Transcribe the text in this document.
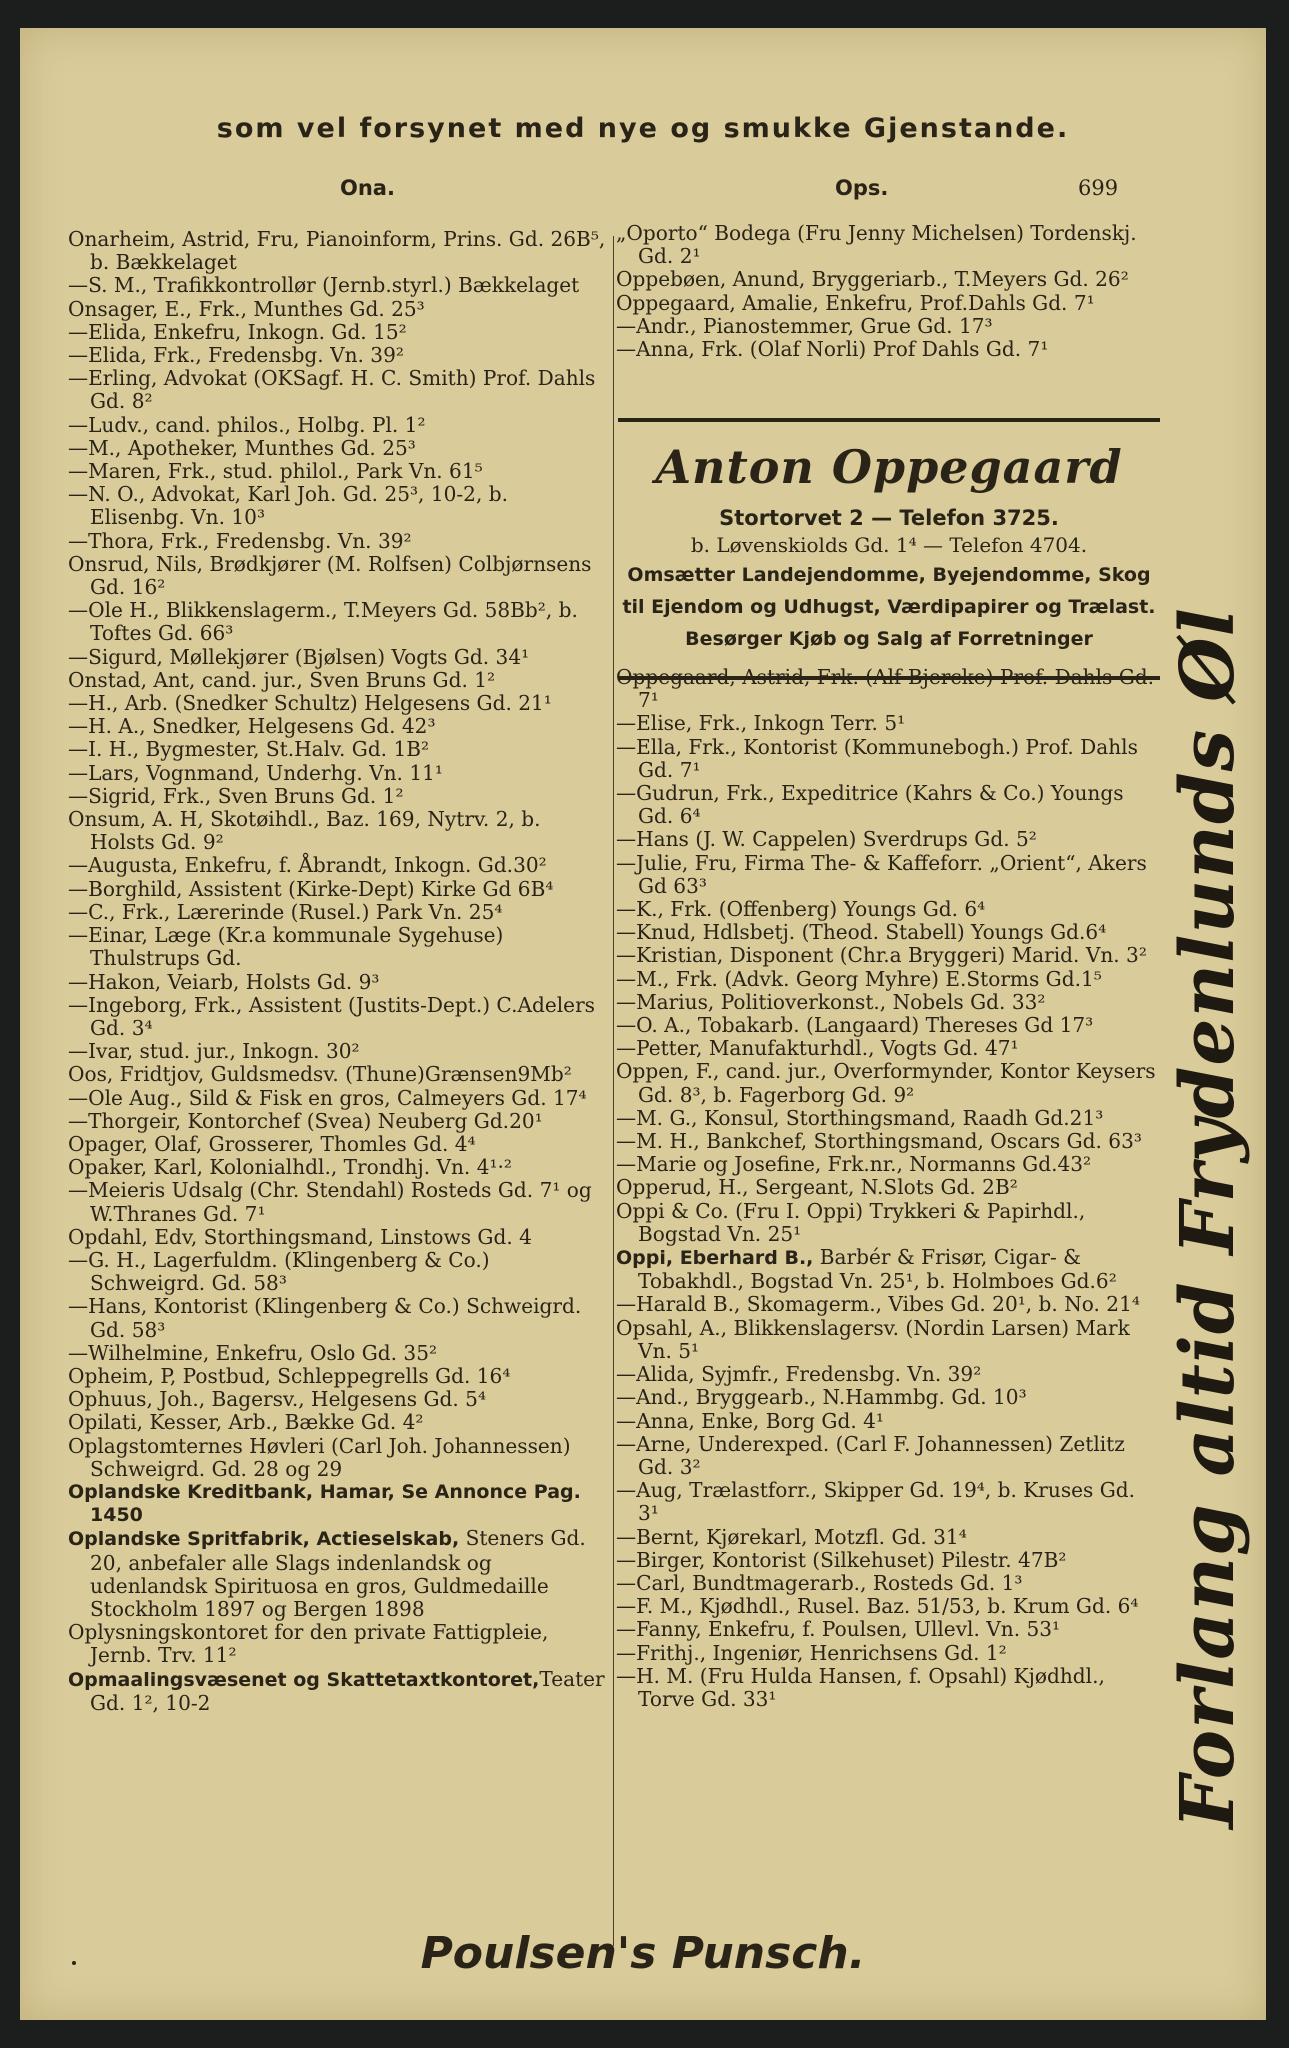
som vel forsynet med nye og smukke Gjenstande.
Ona.	Ops.	699
Onarheim, Astrid, Fru, Pianoinform, Prins. Gd. 26B⁵, b. Bækkelaget
—S. M., Trafikkontrollør (Jernb.styrl.) Bækkelaget
Onsager, E., Frk., Munthes Gd. 25³
—Elida, Enkefru, Inkogn. Gd. 15²
—Elida, Frk., Fredensbg. Vn. 39²
—Erling, Advokat (OKSagf. H. C. Smith) Prof. Dahls Gd. 8²
—Ludv., cand. philos., Holbg. Pl. 1²
—M., Apotheker, Munthes Gd. 25³
—Maren, Frk., stud. philol., Park Vn. 61⁵
—N. O., Advokat, Karl Joh. Gd. 25³, 10-2, b. Elisenbg. Vn. 10³
—Thora, Frk., Fredensbg. Vn. 39²
Onsrud, Nils, Brødkjører (M. Rolfsen) Colbjørnsens Gd. 16²
—Ole H., Blikkenslagerm., T.Meyers Gd. 58Bb², b. Toftes Gd. 66³
—Sigurd, Møllekjører (Bjølsen) Vogts Gd. 34¹
Onstad, Ant, cand. jur., Sven Bruns Gd. 1²
—H., Arb. (Snedker Schultz) Helgesens Gd. 21¹
—H. A., Snedker, Helgesens Gd. 42³
—I. H., Bygmester, St.Halv. Gd. 1B²
—Lars, Vognmand, Underhg. Vn. 11¹
—Sigrid, Frk., Sven Bruns Gd. 1²
Onsum, A. H, Skotøihdl., Baz. 169, Nytrv. 2, b. Holsts Gd. 9²
—Augusta, Enkefru, f. Åbrandt, Inkogn. Gd.30²
—Borghild, Assistent (Kirke-Dept) Kirke Gd 6B⁴
—C., Frk., Lærerinde (Rusel.) Park Vn. 25⁴
—Einar, Læge (Kr.a kommunale Sygehuse) Thulstrups Gd.
—Hakon, Veiarb, Holsts Gd. 9³
—Ingeborg, Frk., Assistent (Justits-Dept.) C.Adelers Gd. 3⁴
—Ivar, stud. jur., Inkogn. 30²
Oos, Fridtjov, Guldsmedsv. (Thune)Grænsen9Mb²
—Ole Aug., Sild & Fisk en gros, Calmeyers Gd. 17⁴
—Thorgeir, Kontorchef (Svea) Neuberg Gd.20¹
Opager, Olaf, Grosserer, Thomles Gd. 4⁴
Opaker, Karl, Kolonialhdl., Trondhj. Vn. 4¹·²
—Meieris Udsalg (Chr. Stendahl) Rosteds Gd. 7¹ og W.Thranes Gd. 7¹
Opdahl, Edv, Storthingsmand, Linstows Gd. 4
—G. H., Lagerfuldm. (Klingenberg & Co.) Schweigrd. Gd. 58³
—Hans, Kontorist (Klingenberg & Co.) Schweigrd. Gd. 58³
—Wilhelmine, Enkefru, Oslo Gd. 35²
Opheim, P, Postbud, Schleppegrells Gd. 16⁴
Ophuus, Joh., Bagersv., Helgesens Gd. 5⁴
Opilati, Kesser, Arb., Bække Gd. 4²
Oplagstomternes Høvleri (Carl Joh. Johannessen) Schweigrd. Gd. 28 og 29
Oplandske Kreditbank, Hamar, Se Annonce Pag. 1450
Oplandske Spritfabrik, Actieselskab, Steners Gd. 20, anbefaler alle Slags indenlandsk og udenlandsk Spirituosa en gros, Guldmedaille Stockholm 1897 og Bergen 1898
Oplysningskontoret for den private Fattigpleie, Jernb. Trv. 11²
Opmaalingsvæsenet og Skattetaxtkontoret,Teater Gd. 1², 10-2
„Oporto“ Bodega (Fru Jenny Michelsen) Tordenskj. Gd. 2¹
Oppebøen, Anund, Bryggeriarb., T.Meyers Gd. 26²
Oppegaard, Amalie, Enkefru, Prof.Dahls Gd. 7¹
—Andr., Pianostemmer, Grue Gd. 17³
—Anna, Frk. (Olaf Norli) Prof Dahls Gd. 7¹
Anton Oppegaard
Stortorvet 2 — Telefon 3725.
b. Løvenskiolds Gd. 1⁴ — Telefon 4704.
Omsætter Landejendomme, Byejendomme, Skog
til Ejendom og Udhugst, Værdipapirer og Trælast.
Besørger Kjøb og Salg af Forretninger
Oppegaard, Astrid, Frk. (Alf Bjercke) Prof. Dahls Gd. 7¹
—Elise, Frk., Inkogn Terr. 5¹
—Ella, Frk., Kontorist (Kommunebogh.) Prof. Dahls Gd. 7¹
—Gudrun, Frk., Expeditrice (Kahrs & Co.) Youngs Gd. 6⁴
—Hans (J. W. Cappelen) Sverdrups Gd. 5²
—Julie, Fru, Firma The- & Kaffeforr. „Orient“, Akers Gd 63³
—K., Frk. (Offenberg) Youngs Gd. 6⁴
—Knud, Hdlsbetj. (Theod. Stabell) Youngs Gd.6⁴
—Kristian, Disponent (Chr.a Bryggeri) Marid. Vn. 3²
—M., Frk. (Advk. Georg Myhre) E.Storms Gd.1⁵
—Marius, Politioverkonst., Nobels Gd. 33²
—O. A., Tobakarb. (Langaard) Thereses Gd 17³
—Petter, Manufakturhdl., Vogts Gd. 47¹
Oppen, F., cand. jur., Overformynder, Kontor Keysers Gd. 8³, b. Fagerborg Gd. 9²
—M. G., Konsul, Storthingsmand, Raadh Gd.21³
—M. H., Bankchef, Storthingsmand, Oscars Gd. 63³
—Marie og Josefine, Frk.nr., Normanns Gd.43²
Opperud, H., Sergeant, N.Slots Gd. 2B²
Oppi & Co. (Fru I. Oppi) Trykkeri & Papirhdl., Bogstad Vn. 25¹
Oppi, Eberhard B., Barbér & Frisør, Cigar- & Tobakhdl., Bogstad Vn. 25¹, b. Holmboes Gd.6²
—Harald B., Skomagerm., Vibes Gd. 20¹, b. No. 21⁴
Opsahl, A., Blikkenslagersv. (Nordin Larsen) Mark Vn. 5¹
—Alida, Syjmfr., Fredensbg. Vn. 39²
—And., Bryggearb., N.Hammbg. Gd. 10³
—Anna, Enke, Borg Gd. 4¹
—Arne, Underexped. (Carl F. Johannessen) Zetlitz Gd. 3²
—Aug, Trælastforr., Skipper Gd. 19⁴, b. Kruses Gd. 3¹
—Bernt, Kjørekarl, Motzfl. Gd. 31⁴
—Birger, Kontorist (Silkehuset) Pilestr. 47B²
—Carl, Bundtmagerarb., Rosteds Gd. 1³
—F. M., Kjødhdl., Rusel. Baz. 51/53, b. Krum Gd. 6⁴
—Fanny, Enkefru, f. Poulsen, Ullevl. Vn. 53¹
—Frithj., Ingeniør, Henrichsens Gd. 1²
—H. M. (Fru Hulda Hansen, f. Opsahl) Kjødhdl., Torve Gd. 33¹	Forlang altid Frydenlunds Øl
Poulsen's Punsch.
